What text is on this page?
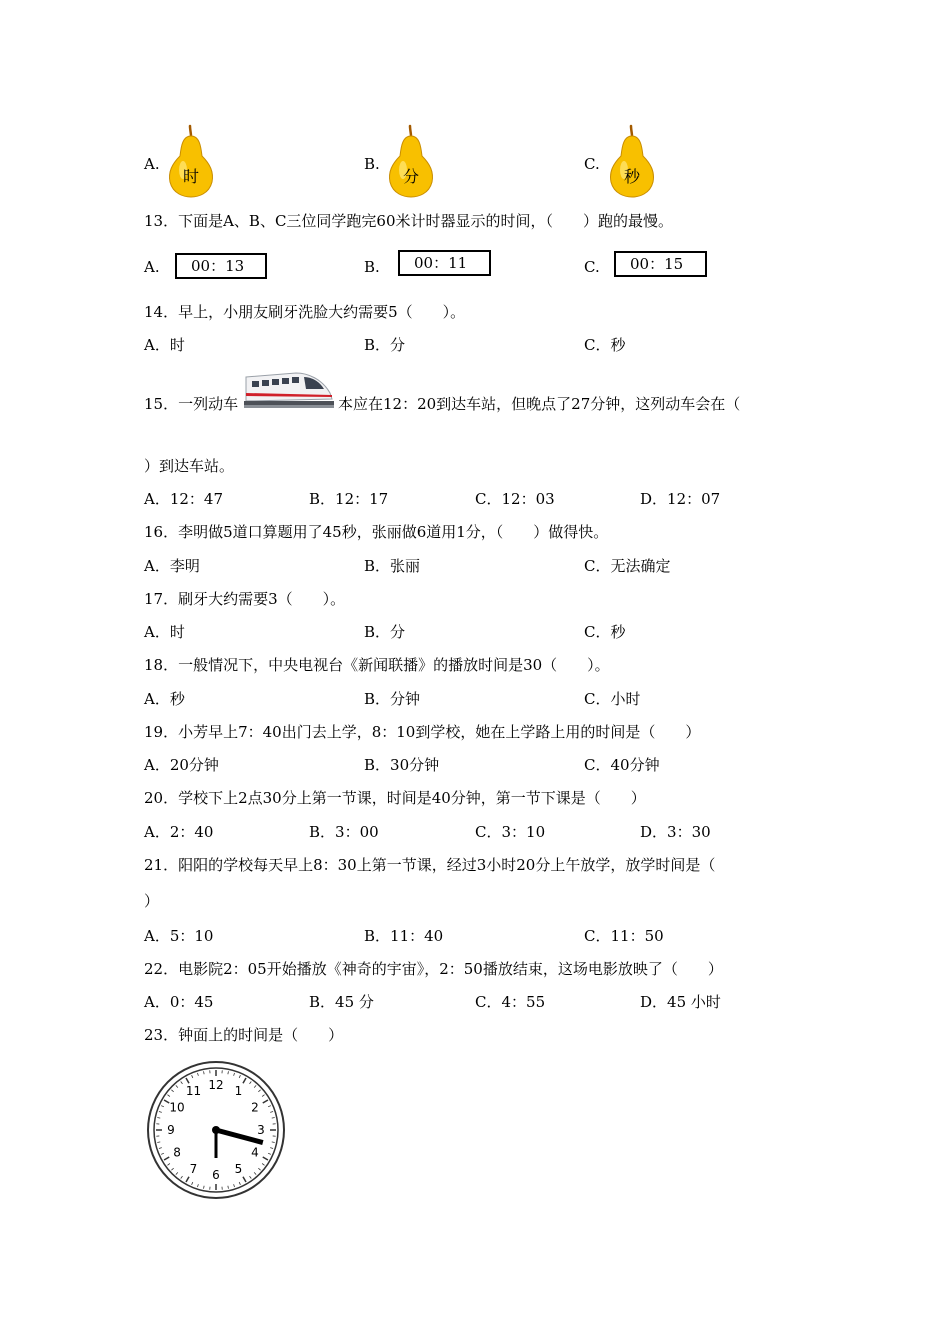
A.
时
B.
分
C.
秒
13．下面是A、B、C三位同学跑完60米计时器显示的时间，（　　）跑的最慢。
A.	00：13	B.	00：11	C.	00：15
14．早上，小朋友刷牙洗脸大约需要5（　　）。
A．时	B．分	C．秒
15．一列动车	本应在12：20到达车站，但晚点了27分钟，这列动车会在（
）到达车站。
A．12：47	B．12：17	C．12：03	D．12：07
16．李明做5道口算题用了45秒，张丽做6道用1分，（　　）做得快。
A．李明	B．张丽	C．无法确定
17．刷牙大约需要3（　　）。
A．时	B．分	C．秒
18．一般情况下，中央电视台《新闻联播》的播放时间是30（　　）。
A．秒	B．分钟	C．小时
19．小芳早上7：40出门去上学，8：10到学校，她在上学路上用的时间是（　　）
A．20分钟	B．30分钟	C．40分钟
20．学校下上2点30分上第一节课，时间是40分钟，第一节下课是（　　）
A．2：40	B．3：00	C．3：10	D．3：30
21．阳阳的学校每天早上8：30上第一节课，经过3小时20分上午放学，放学时间是（
）
A．5：10	B．11：40	C．11：50
22．电影院2：05开始播放《神奇的宇宙》，2：50播放结束，这场电影放映了（　　）
A．0：45	B．45 分	C．4：55	D．45 小时
23．钟面上的时间是（　　）
12 1
2
3
4
5
6
7
8
9
10
11
